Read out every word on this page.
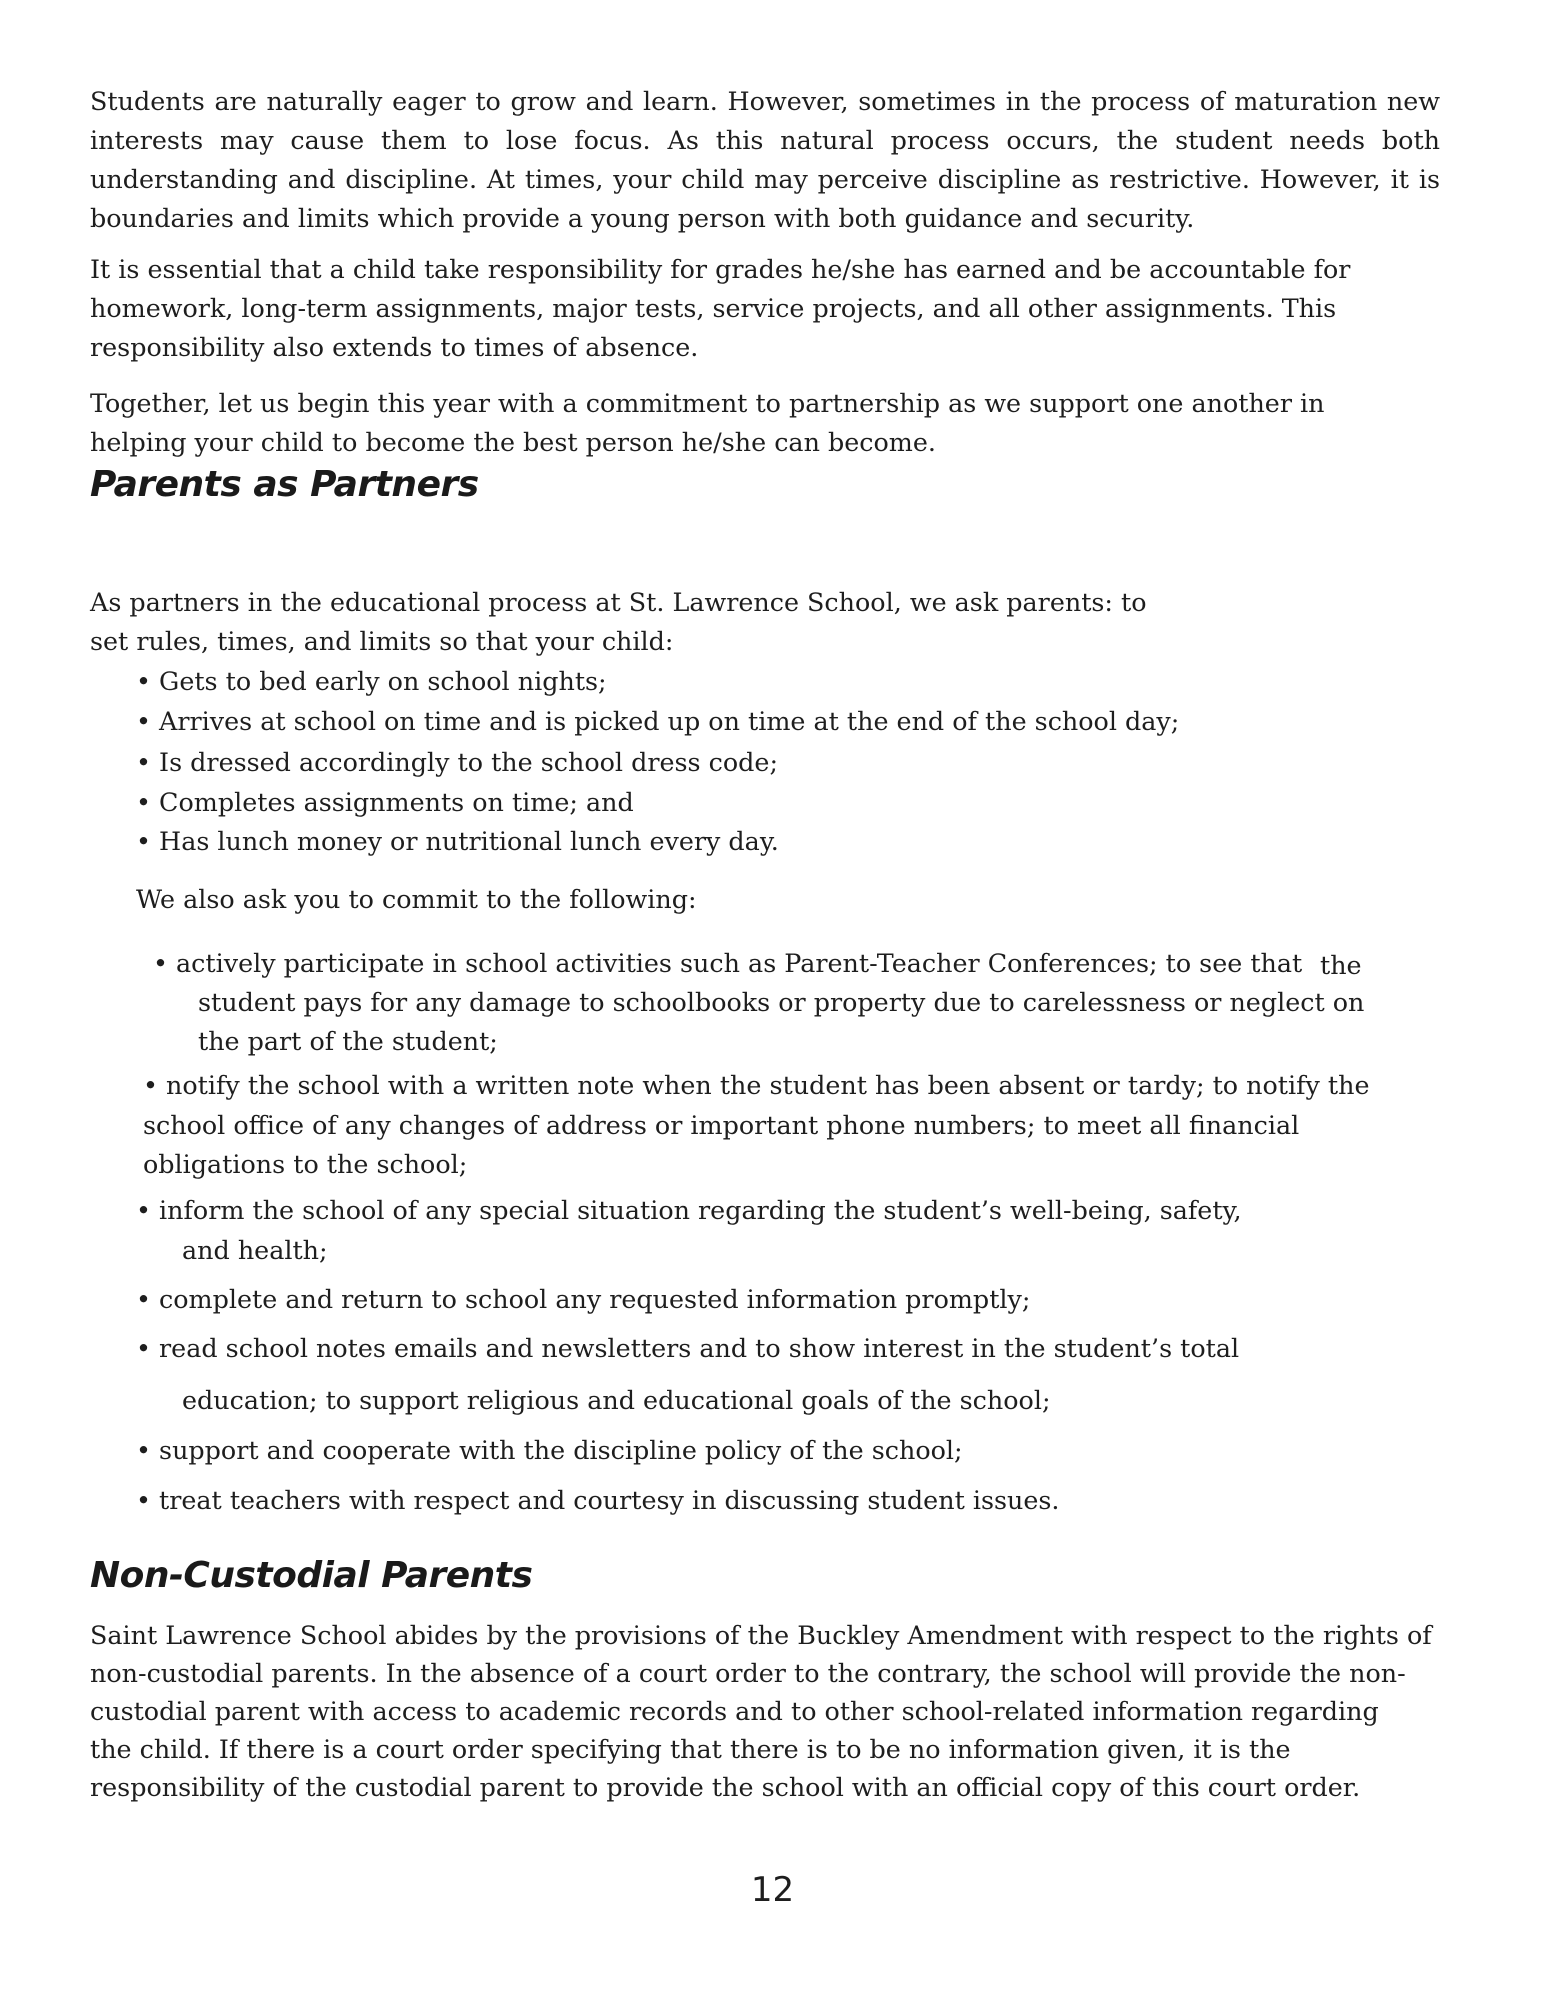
Students are naturally eager to grow and learn. However, sometimes in the process of maturation new interests may cause them to lose focus. As this natural process occurs, the student needs both understanding and discipline. At times, your child may perceive discipline as restrictive. However, it is boundaries and limits which provide a young person with both guidance and security.

It is essential that a child take responsibility for grades he/she has earned and be accountable for homework, long-term assignments, major tests, service projects, and all other assignments. This responsibility also extends to times of absence.

Together, let us begin this year with a commitment to partnership as we support one another in helping your child to become the best person he/she can become.

Parents as Partners

As partners in the educational process at St. Lawrence School, we ask parents: to

set rules, times, and limits so that your child:

• Gets to bed early on school nights;

• Arrives at school on time and is picked up on time at the end of the school day;

• Is dressed accordingly to the school dress code;

• Completes assignments on time; and

• Has lunch money or nutritional lunch every day.

We also ask you to commit to the following:

• actively participate in school activities such as Parent-Teacher Conferences; to see that the

student pays for any damage to schoolbooks or property due to carelessness or neglect on

the part of the student;

• notify the school with a written note when the student has been absent or tardy; to notify the

school office of any changes of address or important phone numbers; to meet all financial

obligations to the school;

• inform the school of any special situation regarding the student’s well-being, safety,

and health;

• complete and return to school any requested information promptly;

• read school notes emails and newsletters and to show interest in the student’s total

education; to support religious and educational goals of the school;

• support and cooperate with the discipline policy of the school;

• treat teachers with respect and courtesy in discussing student issues.

Non-Custodial Parents

Saint Lawrence School abides by the provisions of the Buckley Amendment with respect to the rights of

non-custodial parents. In the absence of a court order to the contrary, the school will provide the non-

custodial parent with access to academic records and to other school-related information regarding

the child. If there is a court order specifying that there is to be no information given, it is the

responsibility of the custodial parent to provide the school with an official copy of this court order.

12
